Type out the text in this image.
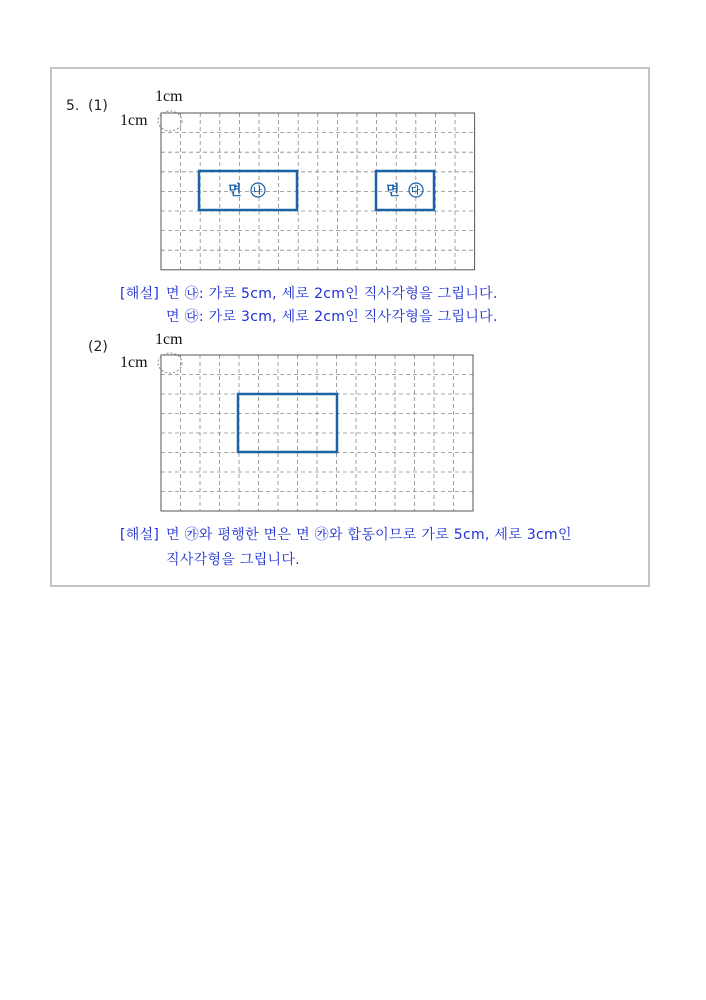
5. (1)
1cm
1cm
면 나	면 다
[해설] 면 ㉯: 가로 5cm, 세로 2cm인 직사각형을 그립니다.
면 ㉰: 가로 3cm, 세로 2cm인 직사각형을 그립니다.
(2)	1cm
1cm
[해설] 면 ㉮와 평행한 면은 면 ㉮와 합동이므로 가로 5cm, 세로 3cm인
직사각형을 그립니다.
